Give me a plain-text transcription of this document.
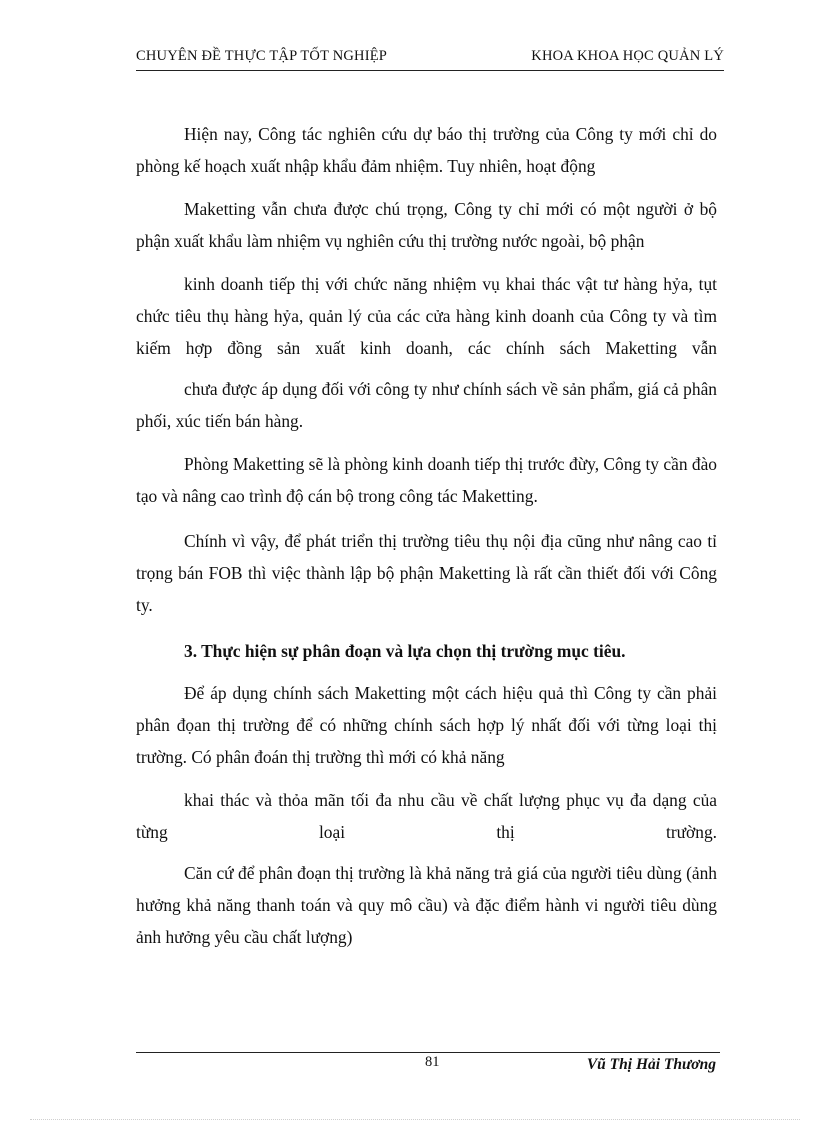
CHUYÊN ĐỀ THỰC TẬP TỐT NGHIỆP	KHOA KHOA HỌC QUẢN LÝ

Hiện nay, Công tác nghiên cứu dự báo thị trường của Công ty mới chỉ do phòng kế hoạch xuất nhập khẩu đảm nhiệm. Tuy nhiên, hoạt động

Maketting vẫn chưa được chú trọng, Công ty chỉ mới có một người ở bộ phận xuất khẩu làm nhiệm vụ nghiên cứu thị trường nước ngoài, bộ phận

kinh doanh tiếp thị với chức năng nhiệm vụ khai thác vật tư hàng hỷa, tụt chức tiêu thụ hàng hỷa, quản lý của các cửa hàng kinh doanh của Công ty và tìm kiếm hợp đồng sản xuất kinh doanh, các chính sách Maketting vẫn

chưa được áp dụng đối với công ty như chính sách về sản phẩm, giá cả phân phối, xúc tiến bán hàng.

Phòng Maketting sẽ là phòng kinh doanh tiếp thị trước đừy, Công ty cần đào tạo và nâng cao trình độ cán bộ trong công tác Maketting.

Chính vì vậy, để phát triển thị trường tiêu thụ nội địa cũng như nâng cao tỉ trọng bán FOB thì việc thành lập bộ phận Maketting là rất cần thiết đối với Công ty.

3. Thực hiện sự phân đoạn và lựa chọn thị trường mục tiêu.

Để áp dụng chính sách Maketting một cách hiệu quả thì Công ty cần phải phân đọan thị trường để có những chính sách hợp lý nhất đối với từng loại thị trường. Có phân đoán thị trường thì mới có khả năng

khai thác và thỏa mãn tối đa nhu cầu về chất lượng phục vụ đa dạng của từng loại thị trường.

Căn cứ để phân đoạn thị trường là khả năng trả giá của người tiêu dùng (ảnh hưởng khả năng thanh toán và quy mô cầu) và đặc điểm hành vi người tiêu dùng ảnh hưởng yêu cầu chất lượng)

81	Vũ Thị Hải Thương
